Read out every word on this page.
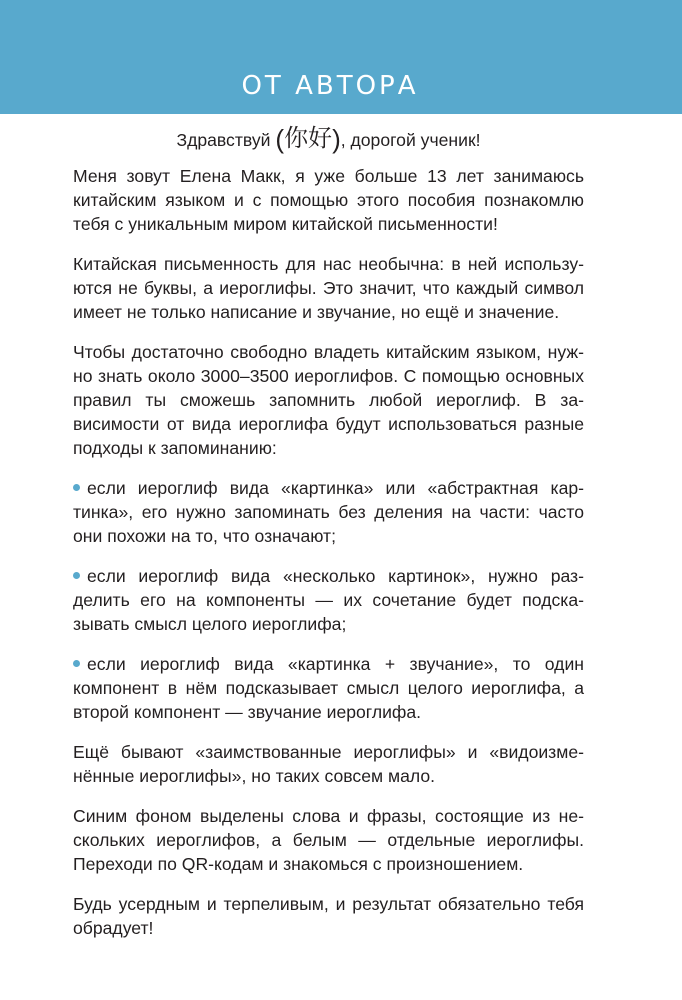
ОТ АВТОРА

Здравствуй (你好), дорогой ученик!

Меня зовут Елена Макк, я уже больше 13 лет занимаюсь китайским языком и с помощью этого пособия познакомлю тебя с уникальным миром китайской письменности!

Китайская письменность для нас необычна: в ней используются не буквы, а иероглифы. Это значит, что каждый символ имеет не только написание и звучание, но ещё и значение.

Чтобы достаточно свободно владеть китайским языком, нужно знать около 3000–3500 иероглифов. С помощью основных правил ты сможешь запомнить любой иероглиф. В зависимости от вида иероглифа будут использоваться разные подходы к запоминанию:

если иероглиф вида «картинка» или «абстрактная картинка», его нужно запоминать без деления на части: часто они похожи на то, что означают;

если иероглиф вида «несколько картинок», нужно разделить его на компоненты — их сочетание будет подсказывать смысл целого иероглифа;

если иероглиф вида «картинка + звучание», то один компонент в нём подсказывает смысл целого иероглифа, а второй компонент — звучание иероглифа.

Ещё бывают «заимствованные иероглифы» и «видоизменённые иероглифы», но таких совсем мало.

Синим фоном выделены слова и фразы, состоящие из нескольких иероглифов, а белым — отдельные иероглифы. Переходи по QR-кодам и знакомься с произношением.

Будь усердным и терпеливым, и результат обязательно тебя обрадует!
